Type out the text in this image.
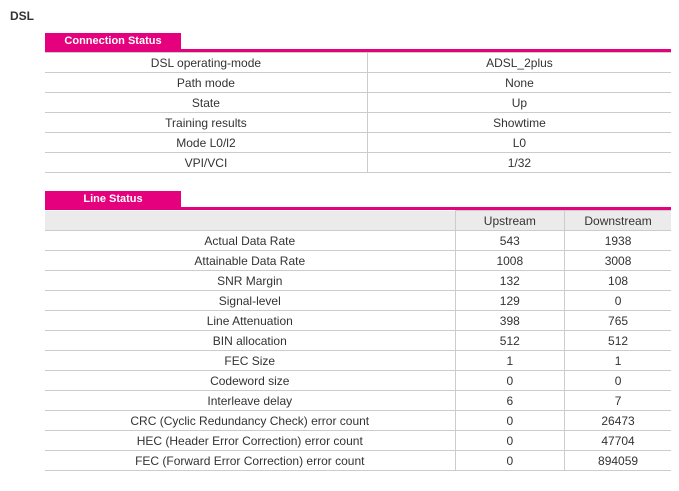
DSL
Connection Status
DSL operating-mode	ADSL_2plus
Path mode	None
State	Up
Training results	Showtime
Mode L0/l2	L0
VPI/VCI	1/32
Line Status
	Upstream	Downstream
Actual Data Rate	543	1938
Attainable Data Rate	1008	3008
SNR Margin	132	108
Signal-level	129	0
Line Attenuation	398	765
BIN allocation	512	512
FEC Size	1	1
Codeword size	0	0
Interleave delay	6	7
CRC (Cyclic Redundancy Check) error count	0	26473
HEC (Header Error Correction) error count	0	47704
FEC (Forward Error Correction) error count	0	894059
